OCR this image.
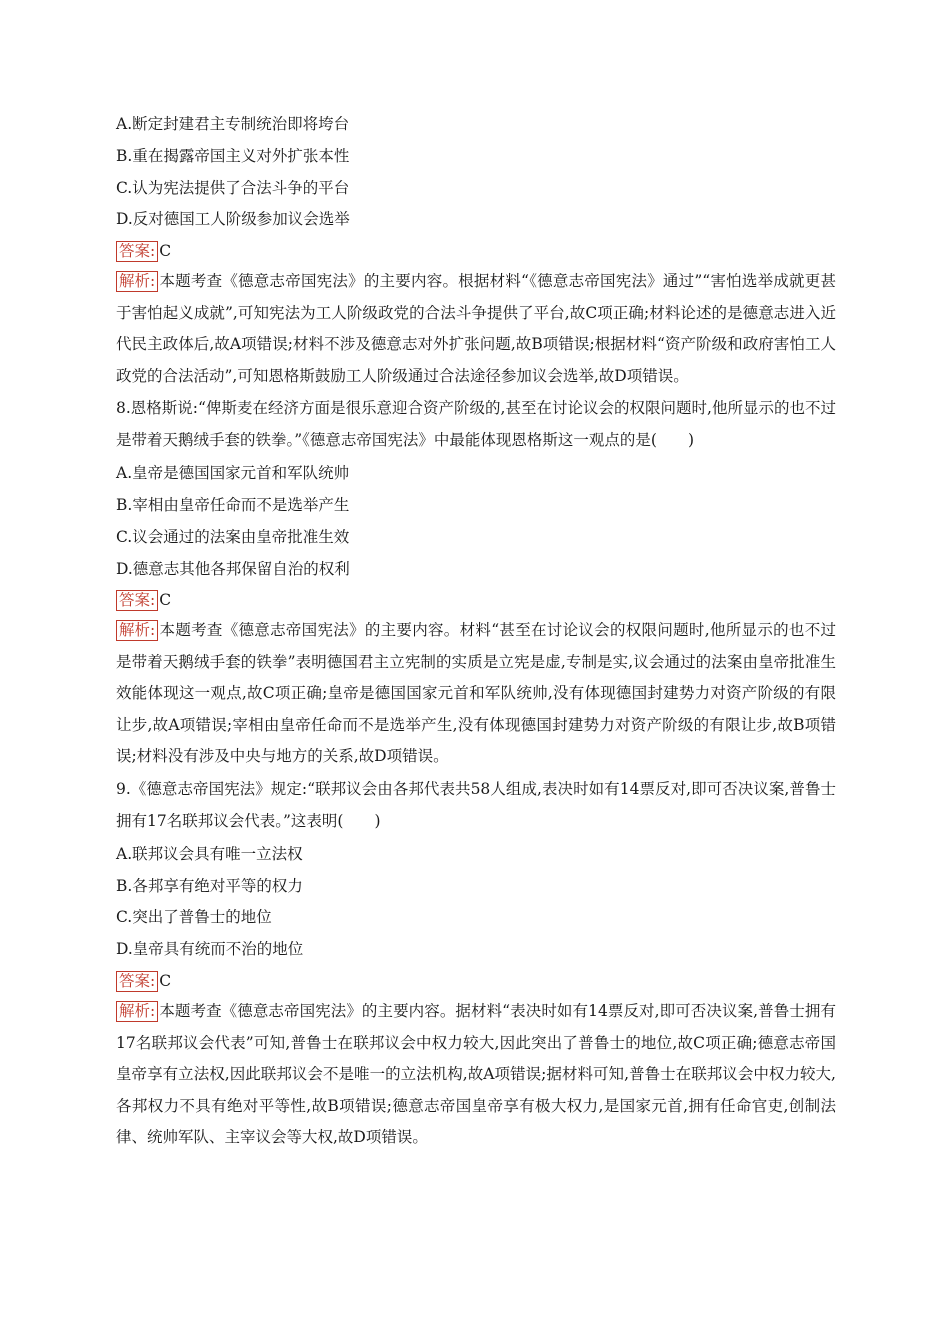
A.断定封建君主专制统治即将垮台
B.重在揭露帝国主义对外扩张本性
C.认为宪法提供了合法斗争的平台
D.反对德国工人阶级参加议会选举
答案: C
解析: 本题考查《德意志帝国宪法》的主要内容。根据材料“《德意志帝国宪法》通过”“害怕选举成就更甚于害怕起义成就”,可知宪法为工人阶级政党的合法斗争提供了平台,故C项正确;材料论述的是德意志进入近代民主政体后,故A项错误;材料不涉及德意志对外扩张问题,故B项错误;根据材料“资产阶级和政府害怕工人政党的合法活动”,可知恩格斯鼓励工人阶级通过合法途径参加议会选举,故D项错误。
8.恩格斯说:“俾斯麦在经济方面是很乐意迎合资产阶级的,甚至在讨论议会的权限问题时,他所显示的也不过是带着天鹅绒手套的铁拳。”《德意志帝国宪法》中最能体现恩格斯这一观点的是(　　)
A.皇帝是德国国家元首和军队统帅
B.宰相由皇帝任命而不是选举产生
C.议会通过的法案由皇帝批准生效
D.德意志其他各邦保留自治的权利
答案: C
解析: 本题考查《德意志帝国宪法》的主要内容。材料“甚至在讨论议会的权限问题时,他所显示的也不过是带着天鹅绒手套的铁拳”表明德国君主立宪制的实质是立宪是虚,专制是实,议会通过的法案由皇帝批准生效能体现这一观点,故C项正确;皇帝是德国国家元首和军队统帅,没有体现德国封建势力对资产阶级的有限让步,故A项错误;宰相由皇帝任命而不是选举产生,没有体现德国封建势力对资产阶级的有限让步,故B项错误;材料没有涉及中央与地方的关系,故D项错误。
9.《德意志帝国宪法》规定:“联邦议会由各邦代表共58人组成,表决时如有14票反对,即可否决议案,普鲁士拥有17名联邦议会代表。”这表明(　　)
A.联邦议会具有唯一立法权
B.各邦享有绝对平等的权力
C.突出了普鲁士的地位
D.皇帝具有统而不治的地位
答案: C
解析: 本题考查《德意志帝国宪法》的主要内容。据材料“表决时如有14票反对,即可否决议案,普鲁士拥有17名联邦议会代表”可知,普鲁士在联邦议会中权力较大,因此突出了普鲁士的地位,故C项正确;德意志帝国皇帝享有立法权,因此联邦议会不是唯一的立法机构,故A项错误;据材料可知,普鲁士在联邦议会中权力较大,各邦权力不具有绝对平等性,故B项错误;德意志帝国皇帝享有极大权力,是国家元首,拥有任命官吏,创制法律、统帅军队、主宰议会等大权,故D项错误。
